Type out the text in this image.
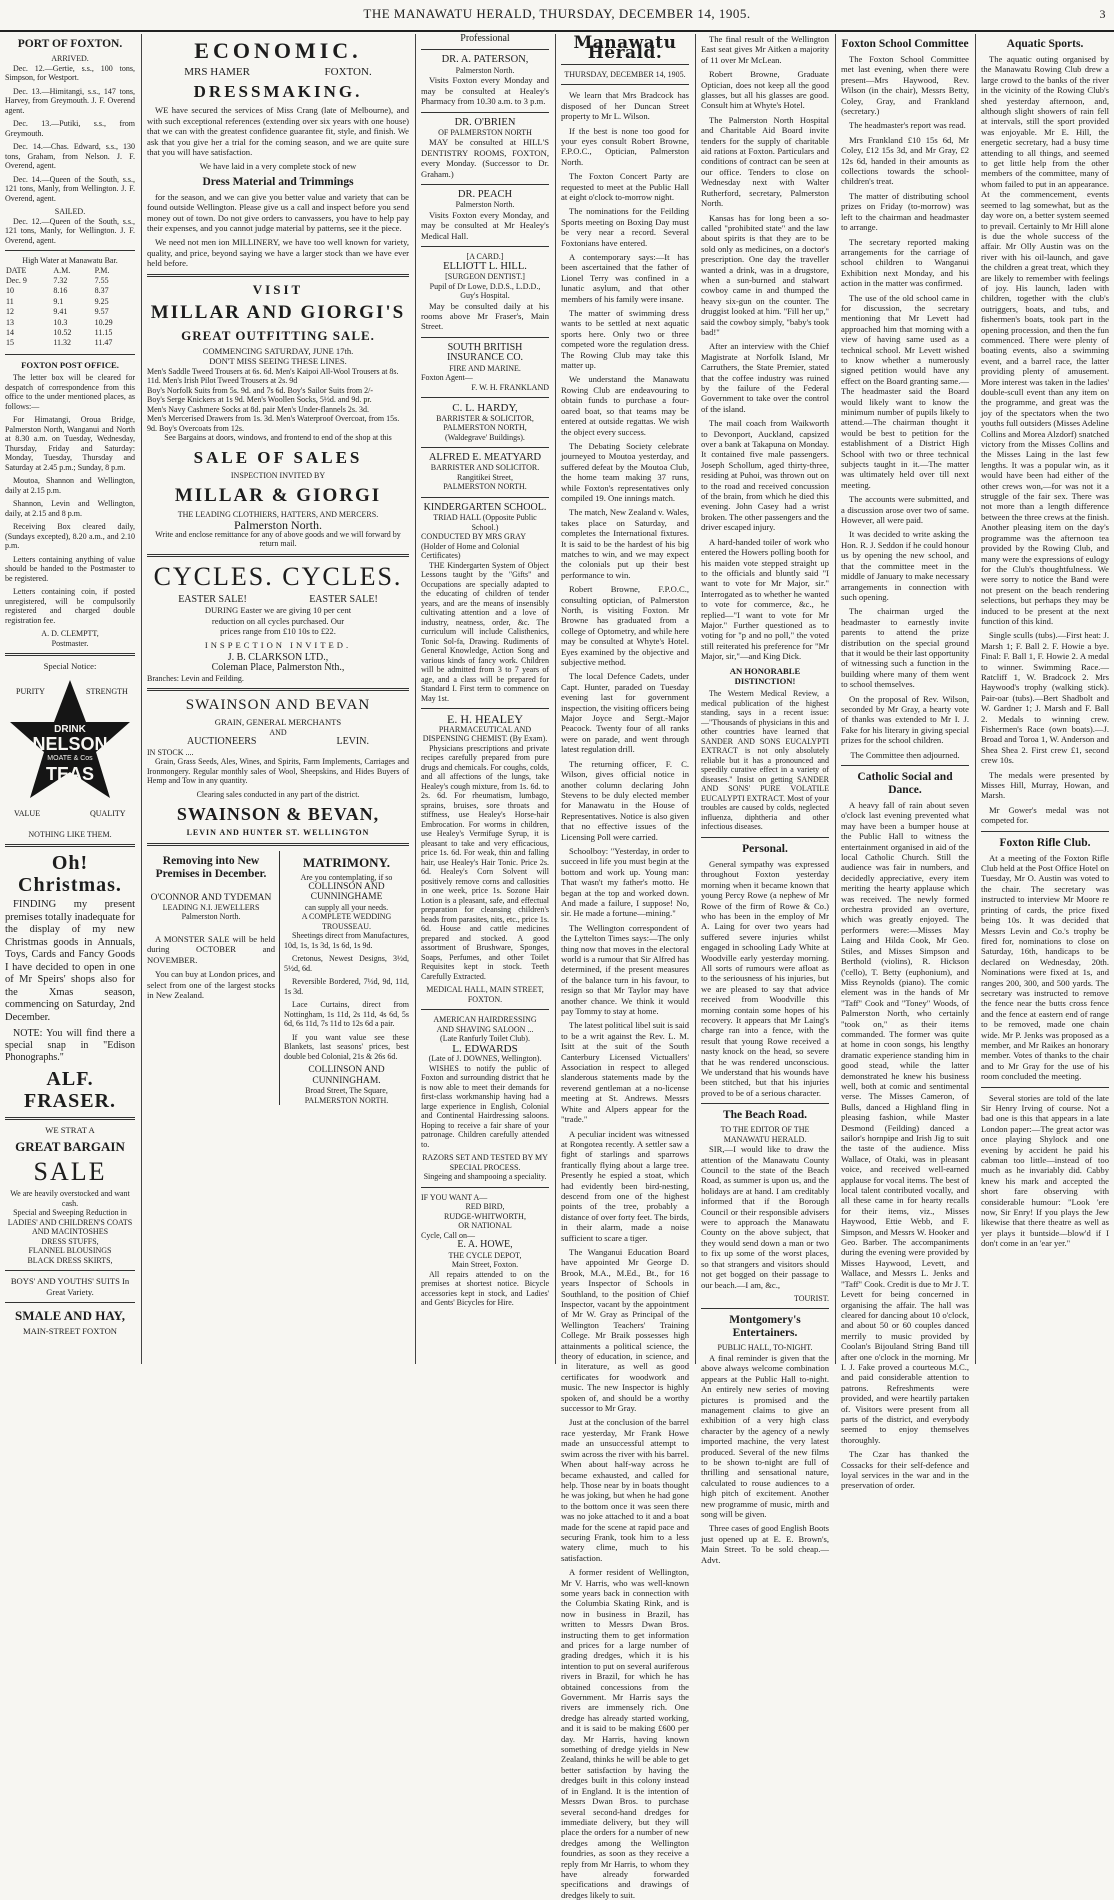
THE MANAWATU HERALD, THURSDAY, DECEMBER 14, 1905.	3
PORT OF FOXTON.
ARRIVED.

Dec. 12.—Gertie, s.s., 100 tons, Simpson, for Westport.

Dec. 13.—Himitangi, s.s., 147 tons, Harvey, from Greymouth. J. F. Overend agent.

Dec. 13.—Putiki, s.s., from Greymouth.

Dec. 14.—Chas. Edward, s.s., 130 tons, Graham, from Nelson. J. F. Overend, agent.

Dec. 14.—Queen of the South, s.s., 121 tons, Manly, from Wellington. J. F. Overend, agent.

SAILED.

Dec. 12.—Queen of the South, s.s., 121 tons, Manly, for Wellington. J. F. Overend, agent.

High Water at Manawatu Bar.
DATE	A.M.	P.M.
Dec. 9	7.32	7.55
10	8.16	8.37
11	9.1	9.25
12	9.41	9.57
13	10.3	10.29
14	10.52	11.15
15	11.32	11.47
FOXTON POST OFFICE.

The letter box will be cleared for despatch of correspondence from this office to the under mentioned places, as follows:—

For Himatangi, Oroua Bridge, Palmerston North, Wanganui and North at 8.30 a.m. on Tuesday, Wednesday, Thursday, Friday and Saturday: Monday, Tuesday, Thursday and Saturday at 2.45 p.m.; Sunday, 8 p.m.

Moutoa, Shannon and Wellington, daily at 2.15 p.m.

Shannon, Levin and Wellington, daily, at 2.15 and 8 p.m.

Receiving Box cleared daily, (Sundays excepted), 8.20 a.m., and 2.10 p.m.

Letters containing anything of value should be handed to the Postmaster to be registered.

Letters containing coin, if posted unregistered, will be compulsorily registered and charged double registration fee.

A. D. CLEMPTT,
Postmaster.
Special Notice:
PURITY	STRENGTH
DRINK
NELSON
MOATE & Cos
TEAS
VALUE	QUALITY
NOTHING LIKE THEM.
Oh! Christmas.

FINDING my present premises totally inadequate for the display of my new Christmas goods in Annuals, Toys, Cards and Fancy Goods I have decided to open in one of Mr Speirs' shops also for the Xmas season, commencing on Saturday, 2nd December.

NOTE: You will find there a special snap in "Edison Phonographs."

ALF. FRASER.
WE STRAT A
GREAT BARGAIN
SALE
We are heavily overstocked and want cash.
Special and Sweeping Reduction in LADIES' AND CHILDREN'S COATS AND MACINTOSHES
DRESS STUFFS,
FLANNEL BLOUSINGS
BLACK DRESS SKIRTS,
BOYS' AND YOUTHS' SUITS In Great Variety.
SMALE AND HAY,
MAIN-STREET FOXTON
ECONOMIC.
MRS HAMER	FOXTON.
DRESSMAKING.

WE have secured the services of Miss Crang (late of Melbourne), and with such exceptional references (extending over six years with one house) that we can with the greatest confidence guarantee fit, style, and finish. We ask that you give her a trial for the coming season, and we are quite sure that you will have satisfaction.

We have laid in a very complete stock of new
Dress Material and Trimmings

for the season, and we can give you better value and variety that can be found outside Wellington. Please give us a call and inspect before you send money out of town. Do not give orders to canvassers, you have to help pay their expenses, and you cannot judge material by patterns, see it the piece.

We need not men ion MILLINERY, we have too well known for variety, quality, and price, beyond saying we have a larger stock than we have ever held before.

VISIT
MILLAR AND GIORGI'S
GREAT OUTFITTING SALE.
COMMENCING SATURDAY, JUNE 17th.
DON'T MISS SEEING THESE LINES.
Men's Saddle Tweed Trousers at 6s. 6d. Men's Kaipoi All-Wool Trousers at 8s. 11d. Men's Irish Pilot Tweed Trousers at 2s. 9d
Boy's Norfolk Suits from 5s. 9d. and 7s 6d. Boy's Sailor Suits from 2/-
Boy's Serge Knickers at 1s 9d. Men's Woollen Socks, 5½d. and 9d. pr.
Men's Navy Cashmere Socks at 8d. pair Men's Under-flannels 2s. 3d.
Men's Mercerised Drawers from 1s. 3d. Men's Waterproof Overcoat, from 15s. 9d. Boy's Overcoats from 12s.
See Bargains at doors, windows, and frontend to end of the shop at this
SALE OF SALES
INSPECTION INVITED BY
MILLAR & GIORGI
THE LEADING CLOTHIERS, HATTERS, AND MERCERS.
Palmerston North.
Write and enclose remittance for any of above goods and we will forward by return mail.
CYCLES. CYCLES.
EASTER SALE!	EASTER SALE!
DURING Easter we are giving 10 per cent
reduction on all cycles purchased. Our
prices range from £10 10s to £22.
INSPECTION INVITED.
J. B. CLARKSON LTD.,
Coleman Place, Palmerston Nth.,
Branches: Levin and Feilding.
SWAINSON AND BEVAN
GRAIN, GENERAL MERCHANTS
AND
AUCTIONEERS	LEVIN.
IN STOCK ....

Grain, Grass Seeds, Ales, Wines, and Spirits, Farm Implements, Carriages and Ironmongery. Regular monthly sales of Wool, Sheepskins, and Hides Buyers of Hemp and Tow in any quantity.

Clearing sales conducted in any part of the district.
SWAINSON & BEVAN,
LEVIN AND HUNTER ST. WELLINGTON
Removing into New Premises in December.
O'CONNOR AND TYDEMAN
LEADING N.I. JEWELLERS
Palmerston North.

A MONSTER SALE will be held during OCTOBER and NOVEMBER.

You can buy at London prices, and select from one of the largest stocks in New Zealand.

MATRIMONY.
Are you contemplating, if so
COLLINSON AND CUNNINGHAME
can supply all your needs.
A COMPLETE WEDDING TROUSSEAU.

Sheetings direct from Manufactures, 10d, 1s, 1s 3d, 1s 6d, 1s 9d.

Cretonus, Newest Designs, 3½d, 5½d, 6d.

Reversible Bordered, 7½d, 9d, 11d, 1s 3d.

Lace Curtains, direct from Nottingham, 1s 11d, 2s 11d, 4s 6d, 5s 6d, 6s 11d, 7s 11d to 12s 6d a pair.

If you want value see these Blankets, last seasons' prices, best double bed Colonial, 21s & 26s 6d.

COLLINSON AND CUNNINGHAM.
Broad Street, The Square, PALMERSTON NORTH.
Professional
DR. A. PATERSON,
Palmerston North.

Visits Foxton every Monday and may be consulted at Healey's Pharmacy from 10.30 a.m. to 3 p.m.

DR. O'BRIEN
OF PALMERSTON NORTH

MAY be consulted at HILL'S DENTISTRY ROOMS, FOXTON, every Monday. (Successor to Dr. Graham.)

DR. PEACH
Palmerston North.

Visits Foxton every Monday, and may be consulted at Mr Healey's Medical Hall.

[A CARD.]
ELLIOTT L. HILL.
[SURGEON DENTIST.]
Pupil of Dr Lowe, D.D.S., L.D.D., Guy's Hospital.

May be consulted daily at his rooms above Mr Fraser's, Main Street.

SOUTH BRITISH INSURANCE CO.
FIRE AND MARINE.
Foxton Agent—
F. W. H. FRANKLAND
C. L. HARDY,
BARRISTER & SOLICITOR,
PALMERSTON NORTH,
(Waldegrave' Buildings).
ALFRED E. MEATYARD
BARRISTER AND SOLICITOR.
Rangitikei Street,
PALMERSTON NORTH.
KINDERGARTEN SCHOOL.
TRIAD HALL (Opposite Public School.)
CONDUCTED BY MRS GRAY (Holder of Home and Colonial Certificates)

THE Kindergarten System of Object Lessons taught by the "Gifts" and Occupations are specially adapted to the educating of children of tender years, and are the means of insensibly cultivating attention and a love of industry, neatness, order, &c. The curriculum will include Calisthenics, Tonic Sol-fa, Drawing. Rudiments of General Knowledge, Action Song and various kinds of fancy work. Children will be admitted from 3 to 7 years of age, and a class will be prepared for Standard I. First term to commence on May 1st.

E. H. HEALEY
PHARMACEUTICAL AND DISPENSING CHEMIST. (By Exam).

Physicians prescriptions and private recipes carefully prepared from pure drugs and chemicals. For coughs, colds, and all affections of the lungs, take Healey's cough mixture, from 1s. 6d. to 2s. 6d. For rheumatism, lumbago, sprains, bruises, sore throats and stiffness, use Healey's Horse-hair Embrocation. For worms in children, use Healey's Vermifuge Syrup, it is pleasant to take and very efficacious, price 1s. 6d. For weak, thin and falling hair, use Healey's Hair Tonic. Price 2s. 6d. Healey's Corn Solvent will positively remove corns and callosities in one week, price 1s. Sozone Hair Lotion is a pleasant, safe, and effectual preparation for cleansing children's heads from parasites, nits, etc., price 1s. 6d. House and cattle medicines prepared and stocked. A good assortment of Brushware, Sponges, Soaps, Perfumes, and other Toilet Requisites kept in stock. Teeth Carefully Extracted.

MEDICAL HALL, MAIN STREET, FOXTON.
AMERICAN HAIRDRESSING
AND SHAVING SALOON ...
(Late Ranfurly Toilet Club).
L. EDWARDS
(Late of J. DOWNES, Wellington).

WISHES to notify the public of Foxton and surrounding district that he is now able to meet their demands for first-class workmanship having had a large experience in English, Colonial and Continental Hairdressing saloons. Hoping to receive a fair share of your patronage. Children carefully attended to.

RAZORS SET AND TESTED BY MY SPECIAL PROCESS.
Singeing and shampooing a speciality.
IF YOU WANT A—
RED BIRD,
RUDGE-WHITWORTH,
OR NATIONAL
Cycle, Call on—
E. A. HOWE,
THE CYCLE DEPOT,
Main Street, Foxton.

All repairs attended to on the premises at shortest notice. Bicycle accessories kept in stock, and Ladies' and Gents' Bicycles for Hire.

Manawatu Herald.
THURSDAY, DECEMBER 14, 1905.

We learn that Mrs Bradcock has disposed of her Duncan Street property to Mr L. Wilson.

If the best is none too good for your eyes consult Robert Browne, F.P.O.C., Optician, Palmerston North.

The Foxton Concert Party are requested to meet at the Public Hall at eight o'clock to-morrow night.

The nominations for the Feilding Sports meeting on Boxing Day must be very near a record. Several Foxtonians have entered.

A contemporary says:—It has been ascertained that the father of Lionel Terry was confined in a lunatic asylum, and that other members of his family were insane.

The matter of swimming dress wants to be settled at next aquatic sports here. Only two or three competed wore the regulation dress. The Rowing Club may take this matter up.

We understand the Manawatu Rowing Club are endeavouring to obtain funds to purchase a four-oared boat, so that teams may be entered at outside regattas. We wish the object every success.

The Debating Society celebrate journeyed to Moutoa yesterday, and suffered defeat by the Moutoa Club, the home team making 37 runs, while Foxton's representatives only compiled 19. One innings match.

The match, New Zealand v. Wales, takes place on Saturday, and completes the International fixtures. It is said to be the hardest of his big matches to win, and we may expect the colonials put up their best performance to win.

Robert Browne, F.P.O.C., consulting optician, of Palmerston North, is visiting Foxton. Mr Browne has graduated from a college of Optometry, and while here may be consulted at Whyte's Hotel. Eyes examined by the objective and subjective method.

The local Defence Cadets, under Capt. Hunter, paraded on Tuesday evening last for government inspection, the visiting officers being Major Joyce and Sergt.-Major Peacock. Twenty four of all ranks were on parade, and went through latest regulation drill.

The returning officer, F. C. Wilson, gives official notice in another column declaring John Stevens to be duly elected member for Manawatu in the House of Representatives. Notice is also given that no effective issues of the Licensing Poll were carried.

Schoolboy: "Yesterday, in order to succeed in life you must begin at the bottom and work up. Young man: That wasn't my father's motto. He began at the top and worked down. And made a failure, I suppose! No, sir. He made a fortune—mining."

The Wellington correspondent of the Lyttelton Times says:—The only thing now that moves in the electoral world is a rumour that Sir Alfred has determined, if the present measures of the balance turn in his favour, to resign so that Mr Taylor may have another chance. We think it would pay Tommy to stay at home.

The latest political libel suit is said to be a writ against the Rev. L. M. Isitt at the suit of the South Canterbury Licensed Victuallers' Association in respect to alleged slanderous statements made by the reverend gentleman at a no-license meeting at St. Andrews. Messrs White and Alpers appear for the "trade."

A peculiar incident was witnessed at Rongotea recently. A settler saw a fight of starlings and sparrows frantically flying about a large tree. Presently he espied a stoat, which had evidently been bird-nesting, descend from one of the highest points of the tree, probably a distance of over forty feet. The birds, in their alarm, made a noise sufficient to scare a tiger.

The Wanganui Education Board have appointed Mr George D. Brook, M.A., M.Ed., Bt., for 16 years Inspector of Schools in Southland, to the position of Chief Inspector, vacant by the appointment of Mr W. Gray as Principal of the Wellington Teachers' Training College. Mr Braik possesses high attainments a political science, the theory of education, in science, and in literature, as well as good certificates for woodwork and music. The new Inspector is highly spoken of, and should be a worthy successor to Mr Gray.

Just at the conclusion of the barrel race yesterday, Mr Frank Howe made an unsuccessful attempt to swim across the river with his barrel. When about half-way across he became exhausted, and called for help. Those near by in boats thought he was joking, but when he had gone to the bottom once it was seen there was no joke attached to it and a boat made for the scene at rapid pace and securing Frank, took him to a less watery clime, much to his satisfaction.

A former resident of Wellington, Mr V. Harris, who was well-known some years back in connection with the Columbia Skating Rink, and is now in business in Brazil, has written to Messrs Dwan Bros. instructing them to get information and prices for a large number of grading dredges, which it is his intention to put on several auriferous rivers in Brazil, for which he has obtained concessions from the Government. Mr Harris says the rivers are immensely rich. One dredge has already started working, and it is said to be making £600 per day. Mr Harris, having known something of dredge yields in New Zealand, thinks he will be able to get better satisfaction by having the dredges built in this colony instead of in England. It is the intention of Messrs Dwan Bros. to purchase several second-hand dredges for immediate delivery, but they will place the orders for a number of new dredges among the Wellington foundries, as soon as they receive a reply from Mr Harris, to whom they have already forwarded specifications and drawings of dredges likely to suit.

The final result of the Wellington East seat gives Mr Aitken a majority of 11 over Mr McLean.

Robert Browne, Graduate Optician, does not keep all the good glasses, but all his glasses are good. Consult him at Whyte's Hotel.

The Palmerston North Hospital and Charitable Aid Board invite tenders for the supply of charitable aid rations at Foxton. Particulars and conditions of contract can be seen at our office. Tenders to close on Wednesday next with Walter Rutherford, secretary, Palmerston North.

Kansas has for long been a so-called "prohibited state" and the law about spirits is that they are to be sold only as medicines, on a doctor's prescription. One day the traveller wanted a drink, was in a drugstore, when a sun-burned and stalwart cowboy came in and thumped the heavy six-gun on the counter. The druggist looked at him. "Fill her up," said the cowboy simply, "baby's took bad!"

After an interview with the Chief Magistrate at Norfolk Island, Mr Carruthers, the State Premier, stated that the coffee industry was ruined by the failure of the Federal Government to take over the control of the island.

The mail coach from Waikworth to Devonport, Auckland, capsized over a bank at Takapuna on Monday. It contained five male passengers. Joseph Schollum, aged thirty-three, residing at Puhoi, was thrown out on to the road and received concussion of the brain, from which he died this evening. John Casey had a wrist broken. The other passengers and the driver escaped injury.

A hard-handed toiler of work who entered the Howers polling booth for his maiden vote stepped straight up to the officials and bluntly said "I want to vote for Mr Major, sir." Interrogated as to whether he wanted to vote for commerce, &c., he replied—"I want to vote for Mr Major." Further questioned as to voting for "p and no poll," the voted still reiterated his preference for "Mr Major, sir,"—and King Dick.

AN HONORABLE DISTINCTION!

The Western Medical Review, a medical publication of the highest standing, says in a recent issue:—"Thousands of physicians in this and other countries have learned that SANDER AND SONS EUCALYPTI EXTRACT is not only absolutely reliable but it has a pronounced and speedily curative effect in a variety of diseases." Insist on getting SANDER AND SONS' PURE VOLATILE EUCALYPTI EXTRACT. Most of your troubles are caused by colds, neglected influenza, diphtheria and other infectious diseases.

Personal.

General sympathy was expressed throughout Foxton yesterday morning when it became known that young Percy Rowe (a nephew of Mr Rowe of the firm of Rowe & Co.) who has been in the employ of Mr A. Laing for over two years had suffered severe injuries whilst engaged in schooling Lady White at Woodville early yesterday morning. All sorts of rumours were afloat as to the seriousness of his injuries, but we are pleased to say that advice received from Woodville this morning contain some hopes of his recovery. It appears that Mr Laing's charge ran into a fence, with the result that young Rowe received a nasty knock on the head, so severe that he was rendered unconscious. We understand that his wounds have been stitched, but that his injuries proved to be of a serious character.

The Beach Road.
TO THE EDITOR OF THE MANAWATU HERALD.

SIR,—I would like to draw the attention of the Manawatu County Council to the state of the Beach Road, as summer is upon us, and the holidays are at hand. I am creditably informed that if the Borough Council or their responsible advisers were to approach the Manawatu County on the above subject, that they would send down a man or two to fix up some of the worst places, so that strangers and visitors should not get bogged on their passage to our beach.—I am, &c.,

TOURIST.
Montgomery's Entertainers.
PUBLIC HALL, TO-NIGHT.

A final reminder is given that the above always welcome combination appears at the Public Hall to-night. An entirely new series of moving pictures is promised and the management claims to give an exhibition of a very high class character by the agency of a newly imported machine, the very latest produced. Several of the new films to be shown to-night are full of thrilling and sensational nature, calculated to rouse audiences to a high pitch of excitement. Another new programme of music, mirth and song will be given.

Three cases of good English Boots just opened up at E. E. Brown's, Main Street. To be sold cheap.—Advt.

Foxton School Committee

The Foxton School Committee met last evening, when there were present—Mrs Haywood, Rev. Wilson (in the chair), Messrs Betty, Coley, Gray, and Frankland (secretary.)

The headmaster's report was read.

Mrs Frankland £10 15s 6d, Mr Coley, £12 15s 3d, and Mr Gray, £2 12s 6d, handed in their amounts as collections towards the school-children's treat.

The matter of distributing school prizes on Friday (to-morrow) was left to the chairman and headmaster to arrange.

The secretary reported making arrangements for the carriage of school children to Wanganui Exhibition next Monday, and his action in the matter was confirmed.

The use of the old school came in for discussion, the secretary mentioning that Mr Levett had approached him that morning with a view of having same used as a technical school. Mr Levett wished to know whether a numerously signed petition would have any effect on the Board granting same.—The headmaster said the Board would likely want to know the minimum number of pupils likely to attend.—The chairman thought it would be best to petition for the establishment of a District High School with two or three technical subjects taught in it.—The matter was ultimately held over till next meeting.

The accounts were submitted, and a discussion arose over two of same. However, all were paid.

It was decided to write asking the Hon. R. J. Seddon if he could honour us by opening the new school, and that the committee meet in the middle of January to make necessary arrangements in connection with such opening.

The chairman urged the headmaster to earnestly invite parents to attend the prize distribution on the special ground that it would be their last opportunity of witnessing such a function in the building where many of them went to school themselves.

On the proposal of Rev. Wilson, seconded by Mr Gray, a hearty vote of thanks was extended to Mr I. J. Fake for his literary in giving special prizes for the school children.

The Committee then adjourned.
Catholic Social and Dance.

A heavy fall of rain about seven o'clock last evening prevented what may have been a bumper house at the Public Hall to witness the entertainment organised in aid of the local Catholic Church. Still the audience was fair in numbers, and decidedly appreciative, every item meriting the hearty applause which was received. The newly formed orchestra provided an overture, which was greatly enjoyed. The performers were:—Misses May Laing and Hilda Cook, Mr Geo. Stiles, and Misses Simpson and Berthold (violins), R. Hickson ('cello), T. Betty (euphonium), and Miss Reynolds (piano). The comic element was in the hands of Mr "Taff" Cook and "Toney" Woods, of Palmerston North, who certainly "took on," as their items commanded. The former was quite at home in coon songs, his lengthy dramatic experience standing him in good stead, while the latter demonstrated he knew his business well, both at comic and sentimental verse. The Misses Cameron, of Bulls, danced a Highland fling in pleasing fashion, while Master Desmond (Feilding) danced a sailor's hornpipe and Irish Jig to suit the taste of the audience. Miss Wallace, of Otaki, was in pleasant voice, and received well-earned applause for vocal items. The best of local talent contributed vocally, and all these came in for hearty recalls for their items, viz., Misses Haywood, Ettie Webb, and F. Simpson, and Messrs W. Hooker and Geo. Barber. The accompaniments during the evening were provided by Misses Haywood, Levett, and Wallace, and Messrs L. Jenks and "Taff" Cook. Credit is due to Mr J. T. Levett for being concerned in organising the affair. The hall was cleared for dancing about 10 o'clock, and about 50 or 60 couples danced merrily to music provided by Coolan's Bijouland String Band till after one o'clock in the morning. Mr I. J. Fake proved a courteous M.C., and paid considerable attention to patrons. Refreshments were provided, and were heartily partaken of. Visitors were present from all parts of the district, and everybody seemed to enjoy themselves thoroughly.

The Czar has thanked the Cossacks for their self-defence and loyal services in the war and in the preservation of order.

Aquatic Sports.

The aquatic outing organised by the Manawatu Rowing Club drew a large crowd to the banks of the river in the vicinity of the Rowing Club's shed yesterday afternoon, and, although slight showers of rain fell at intervals, still the sport provided was enjoyable. Mr E. Hill, the energetic secretary, had a busy time attending to all things, and seemed to get little help from the other members of the committee, many of whom failed to put in an appearance. At the commencement, events seemed to lag somewhat, but as the day wore on, a better system seemed to prevail. Certainly to Mr Hill alone is due the whole success of the affair. Mr Olly Austin was on the river with his oil-launch, and gave the children a great treat, which they are likely to remember with feelings of joy. His launch, laden with children, together with the club's outriggers, boats, and tubs, and fishermen's boats, took part in the opening procession, and then the fun commenced. There were plenty of boating events, also a swimming event, and a barrel race, the latter providing plenty of amusement. More interest was taken in the ladies' double-scull event than any item on the programme, and great was the joy of the spectators when the two youths full outsiders (Misses Adeline Collins and Morea Alzdorf) snatched victory from the Misses Collins and the Misses Laing in the last few lengths. It was a popular win, as it would have been had either of the other crews won,—for was not it a struggle of the fair sex. There was not more than a length difference between the three crews at the finish. Another pleasing item on the day's programme was the afternoon tea provided by the Rowing Club, and many were the expressions of eulogy for the Club's thoughtfulness. We were sorry to notice the Band were not present on the beach rendering selections, but perhaps they may be induced to be present at the next function of this kind.

Single sculls (tubs).—First heat: J. Marsh 1; F. Ball 2. F. Howie a bye. Final: F. Ball 1, F. Howie 2. A medal to winner. Swimming Race.—Ratcliff 1, W. Bradcock 2. Mrs Haywood's trophy (walking stick). Pair-oar (tubs).—Bert Shadbolt and W. Gardner 1; J. Marsh and F. Ball 2. Medals to winning crew. Fishermen's Race (own boats).—J. Broad and Toroa 1, W. Anderson and Shea Shea 2. First crew £1, second crew 10s.

The medals were presented by Misses Hill, Murray, Howan, and Marsh.

Mr Gower's medal was not competed for.

Foxton Rifle Club.

At a meeting of the Foxton Rifle Club held at the Post Office Hotel on Tuesday, Mr O. Austin was voted to the chair. The secretary was instructed to interview Mr Moore re printing of cards, the price fixed being 10s. It was decided that Messrs Levin and Co.'s trophy be fired for, nominations to close on Saturday, 16th, handicaps to be declared on Wednesday, 20th. Nominations were fixed at 1s, and ranges 200, 300, and 500 yards. The secretary was instructed to remove the fence near the butts cross fence and the fence at eastern end of range to be removed, made one chain wide. Mr P. Jenks was proposed as a member, and Mr Raikes an honorary member. Votes of thanks to the chair and to Mr Gray for the use of his room concluded the meeting.

Several stories are told of the late Sir Henry Irving of course. Not a bad one is this that appears in a late London paper:—The great actor was once playing Shylock and one evening by accident he paid his cabman too little—instead of too much as he invariably did. Cabby knew his mark and accepted the short fare observing with considerable humour: "Look 'ere now, Sir Enry! If you plays the Jew likewise that there theatre as well as yer plays it buntside—blow'd if I don't come in an 'ear yer."
